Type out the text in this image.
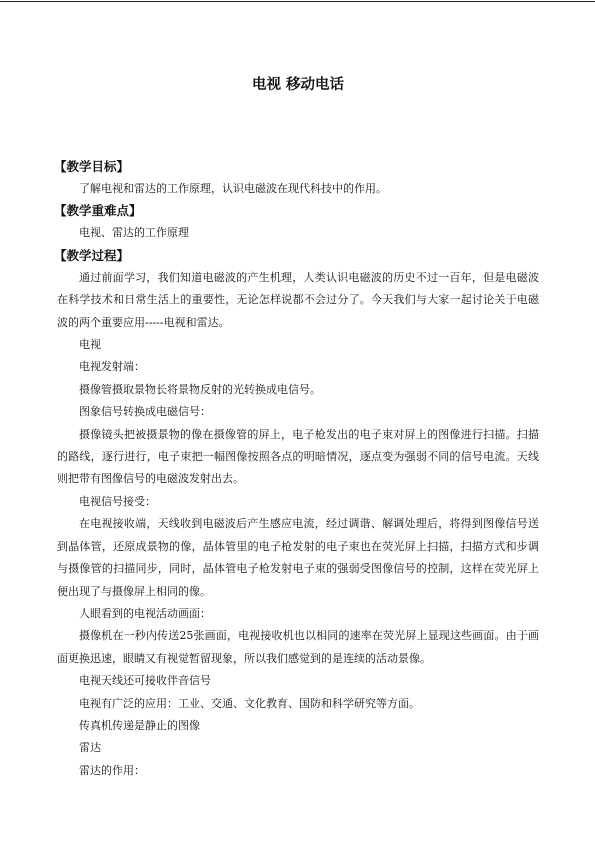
电视 移动电话
【教学目标】

了解电视和雷达的工作原理，认识电磁波在现代科技中的作用。

【教学重难点】

电视、雷达的工作原理

【教学过程】

通过前面学习，我们知道电磁波的产生机理，人类认识电磁波的历史不过一百年，但是电磁波在科学技术和日常生活上的重要性，无论怎样说都不会过分了。今天我们与大家一起讨论关于电磁波的两个重要应用-----电视和雷达。

电视

电视发射端：

摄像管摄取景物长将景物反射的光转换成电信号。

图象信号转换成电磁信号：

摄像镜头把被摄景物的像在摄像管的屏上，电子枪发出的电子束对屏上的图像进行扫描。扫描的路线，逐行进行，电子束把一幅图像按照各点的明暗情况，逐点变为强弱不同的信号电流。天线则把带有图像信号的电磁波发射出去。

电视信号接受：

在电视接收端，天线收到电磁波后产生感应电流，经过调谐、解调处理后，将得到图像信号送到晶体管，还原成景物的像，晶体管里的电子枪发射的电子束也在荧光屏上扫描，扫描方式和步调与摄像管的扫描同步，同时，晶体管电子枪发射电子束的强弱受图像信号的控制，这样在荧光屏上便出现了与摄像屏上相同的像。

人眼看到的电视活动画面：

摄像机在一秒内传送25张画面，电视接收机也以相同的速率在荧光屏上显现这些画面。由于画面更换迅速，眼睛又有视觉暂留现象，所以我们感觉到的是连续的活动景像。

电视天线还可接收伴音信号

电视有广泛的应用：工业、交通、文化教育、国防和科学研究等方面。

传真机传递是静止的图像

雷达

雷达的作用：
